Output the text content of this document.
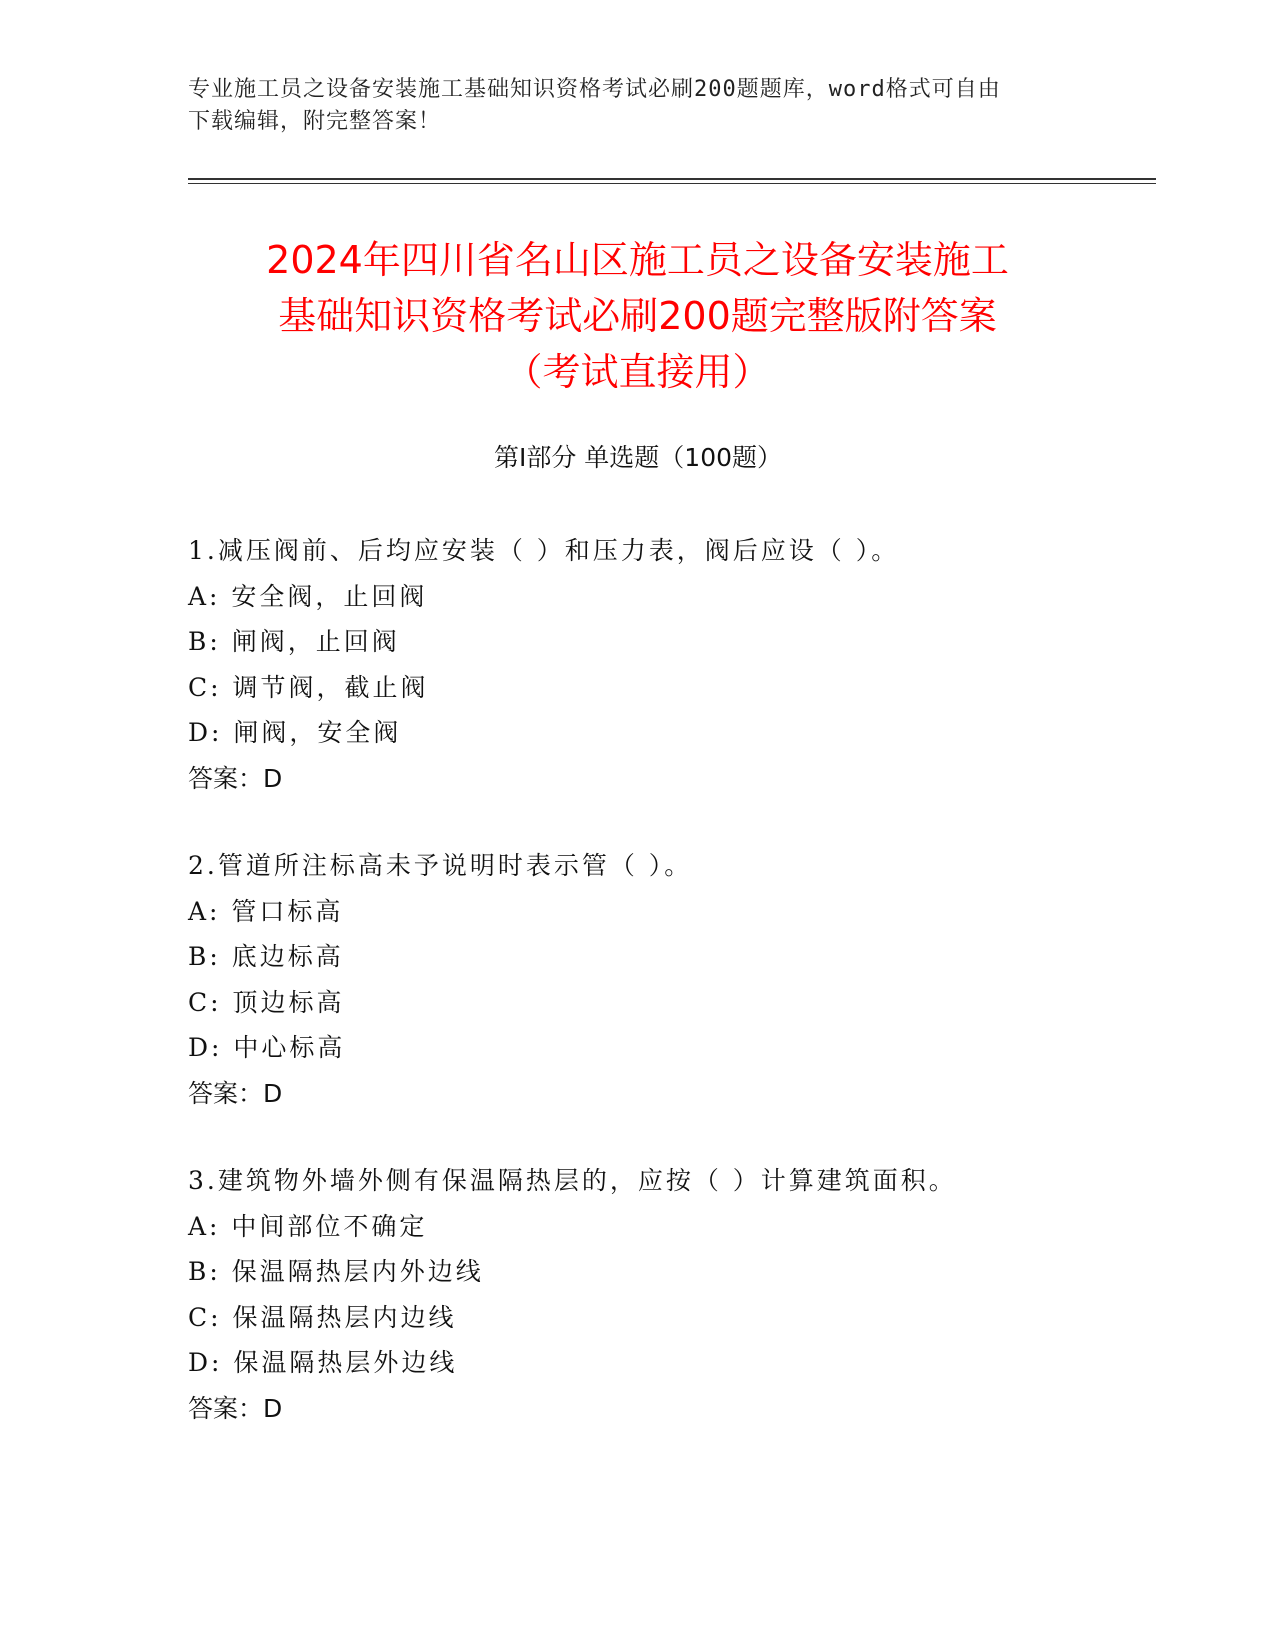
专业施工员之设备安装施工基础知识资格考试必刷200题题库，word格式可自由
下载编辑，附完整答案！
2024年四川省名山区施工员之设备安装施工
基础知识资格考试必刷200题完整版附答案
（考试直接用）
第I部分 单选题（100题）
1.减压阀前、后均应安装（ ）和压力表，阀后应设（ ）。
A: 安全阀，止回阀
B: 闸阀，止回阀
C: 调节阀，截止阀
D: 闸阀，安全阀
答案：D
2.管道所注标高未予说明时表示管（ ）。
A: 管口标高
B: 底边标高
C: 顶边标高
D: 中心标高
答案：D
3.建筑物外墙外侧有保温隔热层的，应按（ ）计算建筑面积。
A: 中间部位不确定
B: 保温隔热层内外边线
C: 保温隔热层内边线
D: 保温隔热层外边线
答案：D
